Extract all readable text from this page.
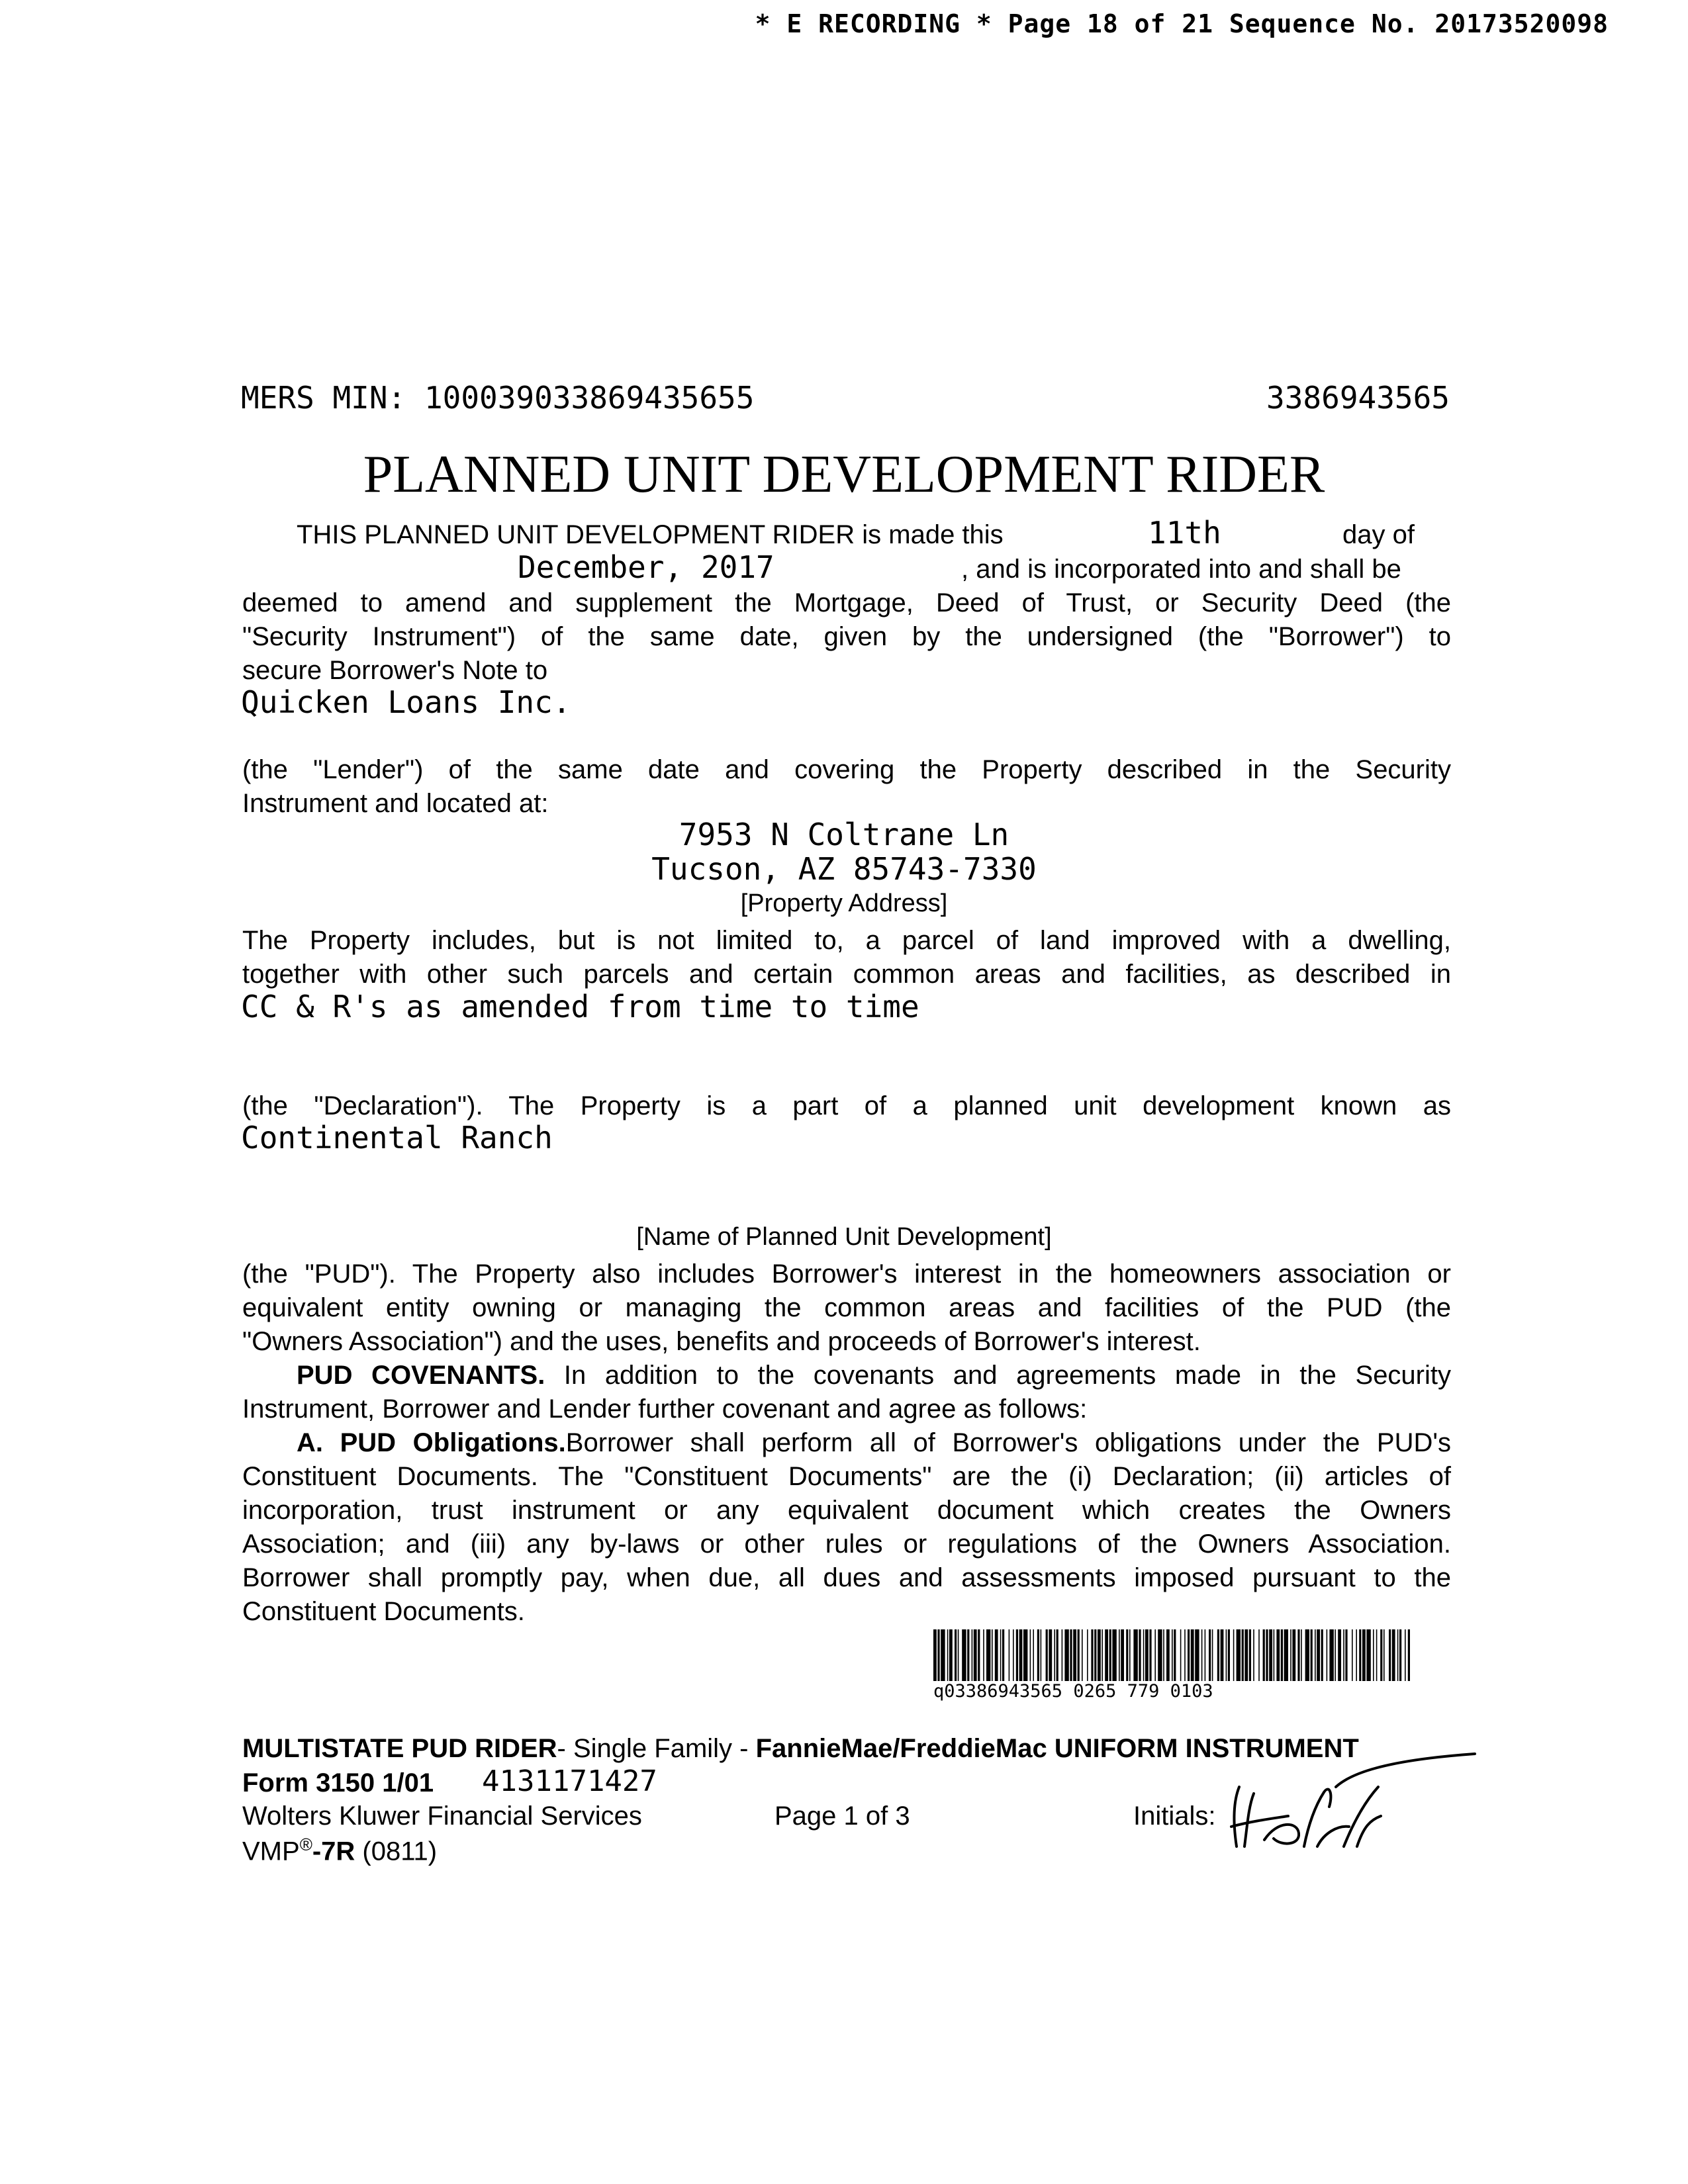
* E RECORDING * Page 18 of 21 Sequence No. 20173520098
MERS MIN: 100039033869435655	3386943565
PLANNED UNIT DEVELOPMENT RIDER
THIS PLANNED UNIT DEVELOPMENT RIDER is made this	11th	day of
December, 2017	, and is incorporated into and shall be
deemed to amend and supplement the Mortgage, Deed of Trust, or Security Deed (the
"Security Instrument") of the same date, given by the undersigned (the "Borrower") to
secure Borrower's Note to
Quicken Loans Inc.
(the "Lender") of the same date and covering the Property described in the Security
Instrument and located at:
7953 N Coltrane Ln
Tucson, AZ 85743-7330
[Property Address]
The Property includes, but is not limited to, a parcel of land improved with a dwelling,
together with other such parcels and certain common areas and facilities, as described in
CC & R's as amended from time to time
(the "Declaration"). The Property is a part of a planned unit development known as
Continental Ranch
[Name of Planned Unit Development]
(the "PUD"). The Property also includes Borrower's interest in the homeowners association or
equivalent entity owning or managing the common areas and facilities of the PUD (the
"Owners Association") and the uses, benefits and proceeds of Borrower's interest.
PUD COVENANTS. In addition to the covenants and agreements made in the Security
Instrument, Borrower and Lender further covenant and agree as follows:
A. PUD Obligations.Borrower shall perform all of Borrower's obligations under the PUD's
Constituent Documents. The "Constituent Documents" are the (i) Declaration; (ii) articles of
incorporation, trust instrument or any equivalent document which creates the Owners
Association; and (iii) any by-laws or other rules or regulations of the Owners Association.
Borrower shall promptly pay, when due, all dues and assessments imposed pursuant to the
Constituent Documents.
q03386943565 0265 779 0103
MULTISTATE PUD RIDER- Single Family - FannieMae/FreddieMac UNIFORM INSTRUMENT
Form 3150 1/01 4131171427
Wolters Kluwer Financial Services	Page 1 of 3	Initials:
VMP®-7R (0811)
